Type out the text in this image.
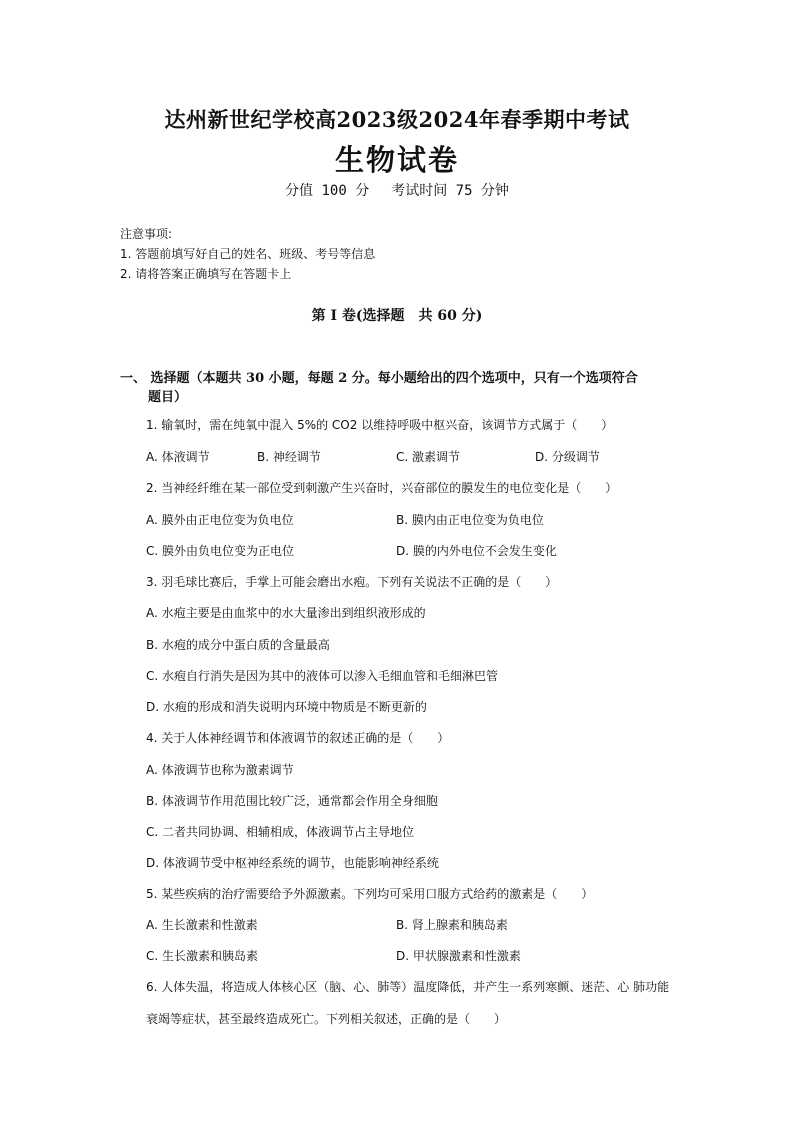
达州新世纪学校高2023级2024年春季期中考试
生物试卷
分值 100 分 考试时间 75 分钟
注意事项:
1. 答题前填写好自己的姓名、班级、考号等信息
2. 请将答案正确填写在答题卡上
第 I 卷(选择题　共 60 分)
一、 选择题（本题共 30 小题，每题 2 分。每小题给出的四个选项中，只有一个选项符合
题目）
1. 输氧时，需在纯氧中混入 5%的 CO2 以维持呼吸中枢兴奋，该调节方式属于（　　）
A. 体液调节	B. 神经调节	C. 激素调节	D. 分级调节
2. 当神经纤维在某一部位受到刺激产生兴奋时，兴奋部位的膜发生的电位变化是（　　）
A. 膜外由正电位变为负电位	B. 膜内由正电位变为负电位
C. 膜外由负电位变为正电位	D. 膜的内外电位不会发生变化
3. 羽毛球比赛后，手掌上可能会磨出水疱。下列有关说法不正确的是（　　）
A. 水疱主要是由血浆中的水大量渗出到组织液形成的
B. 水疱的成分中蛋白质的含量最高
C. 水疱自行消失是因为其中的液体可以渗入毛细血管和毛细淋巴管
D. 水疱的形成和消失说明内环境中物质是不断更新的
4. 关于人体神经调节和体液调节的叙述正确的是（　　）
A. 体液调节也称为激素调节
B. 体液调节作用范围比较广泛，通常都会作用全身细胞
C. 二者共同协调、相辅相成，体液调节占主导地位
D. 体液调节受中枢神经系统的调节，也能影响神经系统
5. 某些疾病的治疗需要给予外源激素。下列均可采用口服方式给药的激素是（　　）
A. 生长激素和性激素	B. 肾上腺素和胰岛素
C. 生长激素和胰岛素	D. 甲状腺激素和性激素
6. 人体失温，将造成人体核心区（脑、心、肺等）温度降低，并产生一系列寒颤、迷茫、心 肺功能
衰竭等症状，甚至最终造成死亡。下列相关叙述，正确的是（　　）
